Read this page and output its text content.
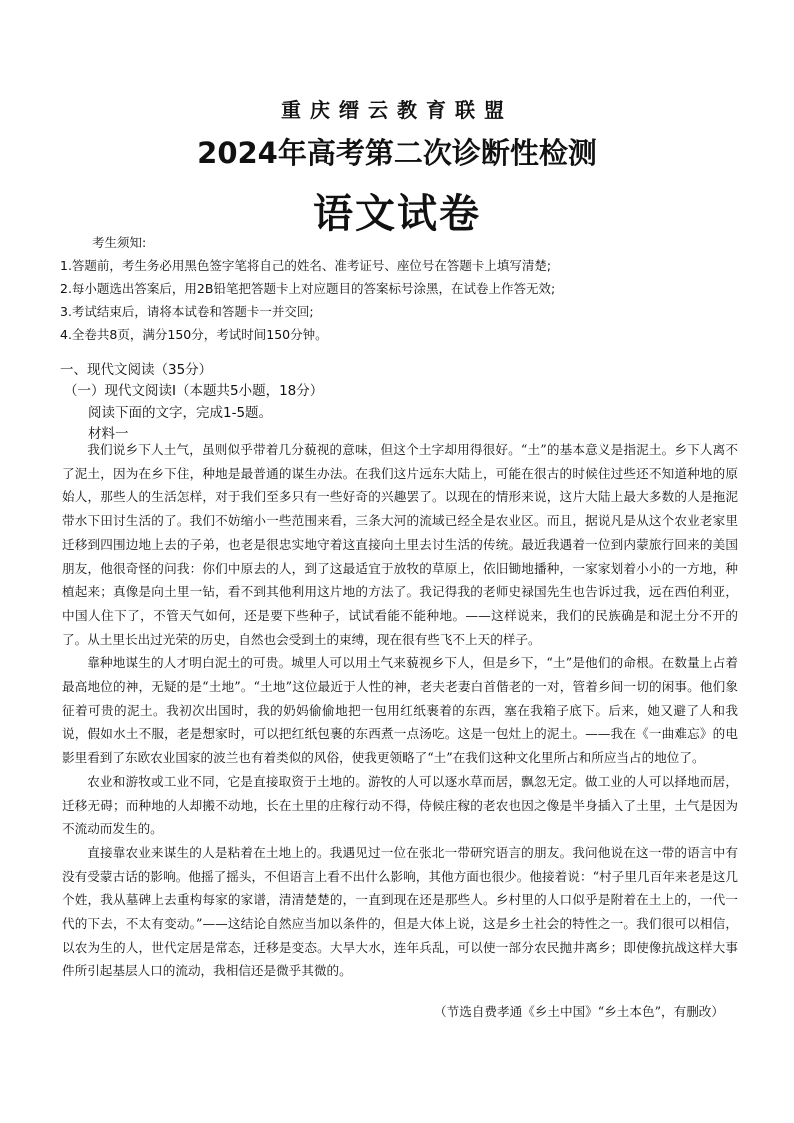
重庆缙云教育联盟
2024年高考第二次诊断性检测
语文试卷
考生须知:
1.答题前，考生务必用黑色签字笔将自己的姓名、准考证号、座位号在答题卡上填写清楚;
2.每小题选出答案后，用2B铅笔把答题卡上对应题目的答案标号涂黑，在试卷上作答无效;
3.考试结束后，请将本试卷和答题卡一并交回;
4.全卷共8页，满分150分，考试时间150分钟。
一、现代文阅读（35分）
（一）现代文阅读Ⅰ（本题共5小题，18分）
阅读下面的文字，完成1-5题。
材料一

我们说乡下人土气，虽则似乎带着几分藐视的意味，但这个土字却用得很好。“土”的基本意义是指泥土。乡下人离不了泥土，因为在乡下住，种地是最普通的谋生办法。在我们这片远东大陆上，可能在很古的时候住过些还不知道种地的原始人，那些人的生活怎样，对于我们至多只有一些好奇的兴趣罢了。以现在的情形来说，这片大陆上最大多数的人是拖泥带水下田讨生活的了。我们不妨缩小一些范围来看，三条大河的流域已经全是农业区。而且，据说凡是从这个农业老家里迁移到四围边地上去的子弟，也老是很忠实地守着这直接向土里去讨生活的传统。最近我遇着一位到内蒙旅行回来的美国朋友，他很奇怪的问我：你们中原去的人，到了这最适宜于放牧的草原上，依旧锄地播种，一家家划着小小的一方地，种植起来；真像是向土里一钻，看不到其他利用这片地的方法了。我记得我的老师史禄国先生也告诉过我，远在西伯利亚，中国人住下了，不管天气如何，还是要下些种子，试试看能不能种地。——这样说来，我们的民族确是和泥土分不开的了。从土里长出过光荣的历史，自然也会受到土的束缚，现在很有些飞不上天的样子。

靠种地谋生的人才明白泥土的可贵。城里人可以用土气来藐视乡下人，但是乡下，“土”是他们的命根。在数量上占着最高地位的神，无疑的是“土地”。“土地”这位最近于人性的神，老夫老妻白首偕老的一对，管着乡间一切的闲事。他们象征着可贵的泥土。我初次出国时，我的奶妈偷偷地把一包用红纸裹着的东西，塞在我箱子底下。后来，她又避了人和我说，假如水土不服，老是想家时，可以把红纸包裹的东西煮一点汤吃。这是一包灶上的泥土。——我在《一曲难忘》的电影里看到了东欧农业国家的波兰也有着类似的风俗，使我更领略了“土”在我们这种文化里所占和所应当占的地位了。

农业和游牧或工业不同，它是直接取资于土地的。游牧的人可以逐水草而居，飘忽无定。做工业的人可以择地而居，迁移无碍；而种地的人却搬不动地，长在土里的庄稼行动不得，侍候庄稼的老农也因之像是半身插入了土里，土气是因为不流动而发生的。

直接靠农业来谋生的人是粘着在土地上的。我遇见过一位在张北一带研究语言的朋友。我问他说在这一带的语言中有没有受蒙古话的影响。他摇了摇头，不但语言上看不出什么影响，其他方面也很少。他接着说：“村子里几百年来老是这几个姓，我从墓碑上去重构每家的家谱，清清楚楚的，一直到现在还是那些人。乡村里的人口似乎是附着在土上的，一代一代的下去，不太有变动。”——这结论自然应当加以条件的，但是大体上说，这是乡土社会的特性之一。我们很可以相信，以农为生的人，世代定居是常态，迁移是变态。大旱大水，连年兵乱，可以使一部分农民抛井离乡；即使像抗战这样大事件所引起基层人口的流动，我相信还是微乎其微的。

（节选自费孝通《乡土中国》“乡土本色”，有删改）
